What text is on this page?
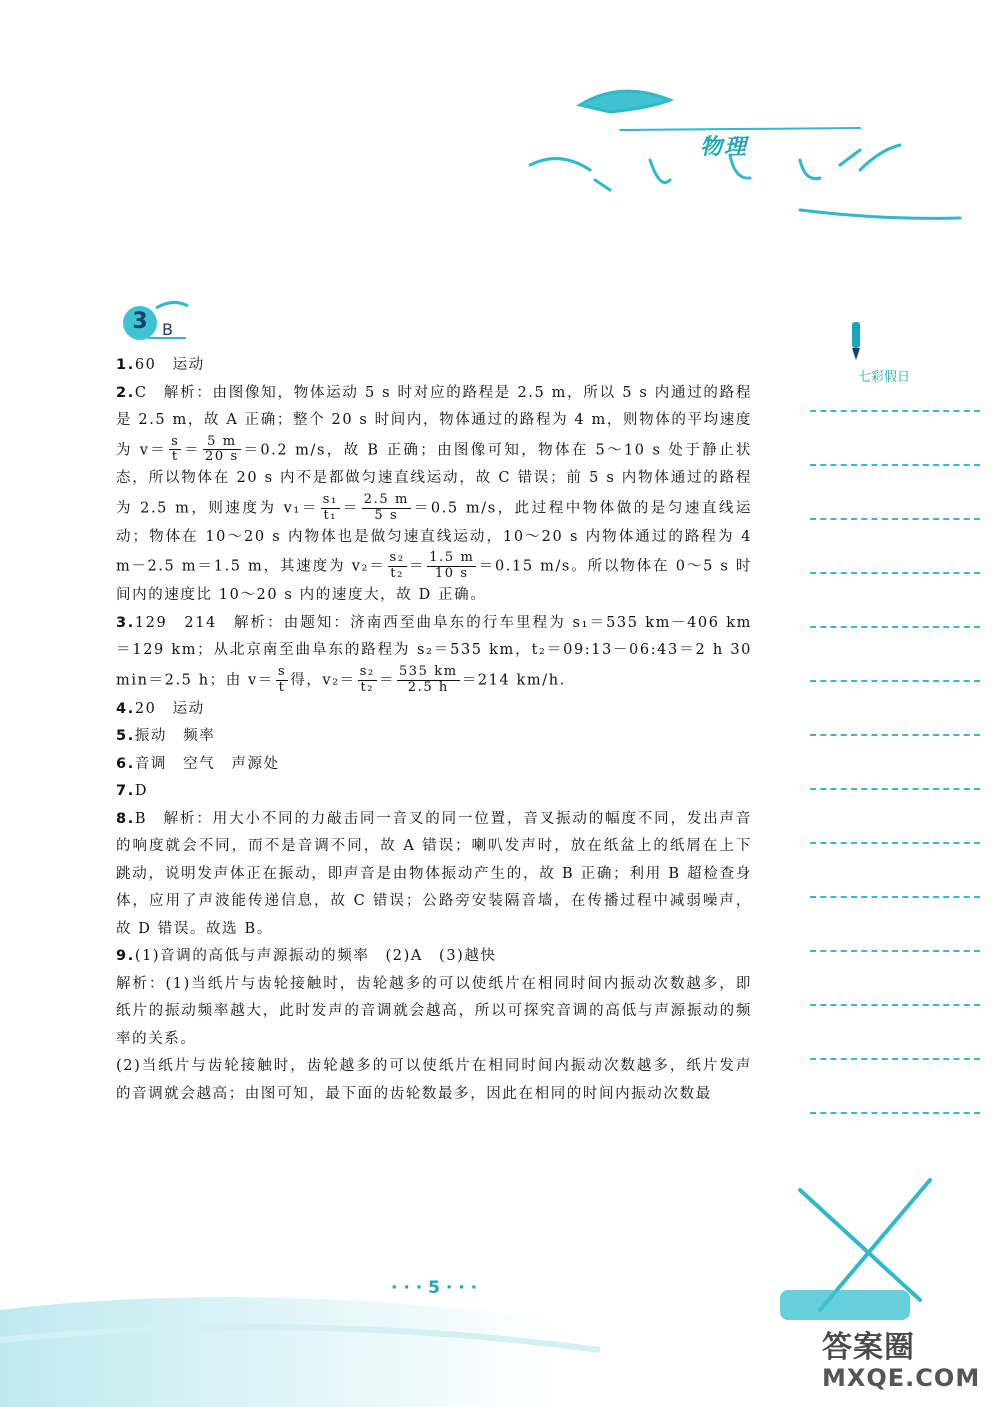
物理
3 B
七彩假日

1.60　运动

2.C　解析：由图像知，物体运动 5 s 时对应的路程是 2.5 m，所以 5 s 内通过的路程是 2.5 m，故 A 正确；整个 20 s 时间内，物体通过的路程为 4 m，则物体的平均速度为 $v= \frac{s}{t} = \frac{5 m}{20 s} =0.2$ m/s，故 B 正确；由图像可知，物体在 5～10 s 处于静止状态，所以物体在 20 s 内不是都做匀速直线运动，故 C 错误；前 5 s 内物体通过的路程为 2.5 m，则速度为 $v_1= \frac{\text{s₁}}{\text{t₁}} = \frac{2.5 m}{5 s} =0.5$ m/s，此过程中物体做的是匀速直线运动；物体在 10～20 s 内物体也是做匀速直线运动，10～20 s 内物体通过的路程为 4 m－2.5 m＝1.5 m，其速度为 $v_2= \frac{\text{s₂}}{\text{t₂}} = \frac{1.5 m}{10 s} =0.15$ m/s。所以物体在 0～5 s 时间内的速度比 10～20 s 内的速度大，故 D 正确。

3.129　214　解析：由题知：济南西至曲阜东的行车里程为 s₁＝535 km－406 km＝129 km；从北京南至曲阜东的路程为 s₂＝535 km，t₂＝09:13－06:43＝2 h 30 min＝2.5 h；由 $v= \frac{s}{t}$ 得，$v_2= \frac{\text{s₂}}{\text{t₂}} = \frac{535 km}{2.5 h} =214$ km/h.

4.20　运动

5.振动　频率

6.音调　空气　声源处

7.D

8.B　解析：用大小不同的力敲击同一音叉的同一位置，音叉振动的幅度不同，发出声音的响度就会不同，而不是音调不同，故 A 错误；喇叭发声时，放在纸盆上的纸屑在上下跳动，说明发声体正在振动，即声音是由物体振动产生的，故 B 正确；利用 B 超检查身体，应用了声波能传递信息，故 C 错误；公路旁安装隔音墙，在传播过程中减弱噪声，故 D 错误。故选 B。

9.(1)音调的高低与声源振动的频率　(2)A　(3)越快

解析：(1)当纸片与齿轮接触时，齿轮越多的可以使纸片在相同时间内振动次数越多，即纸片的振动频率越大，此时发声的音调就会越高，所以可探究音调的高低与声源振动的频率的关系。

(2)当纸片与齿轮接触时，齿轮越多的可以使纸片在相同时间内振动次数越多，纸片发声的音调就会越高；由图可知，最下面的齿轮数最多，因此在相同的时间内振动次数最

· · · 5 · · ·
答案圈
MXQE.COM
